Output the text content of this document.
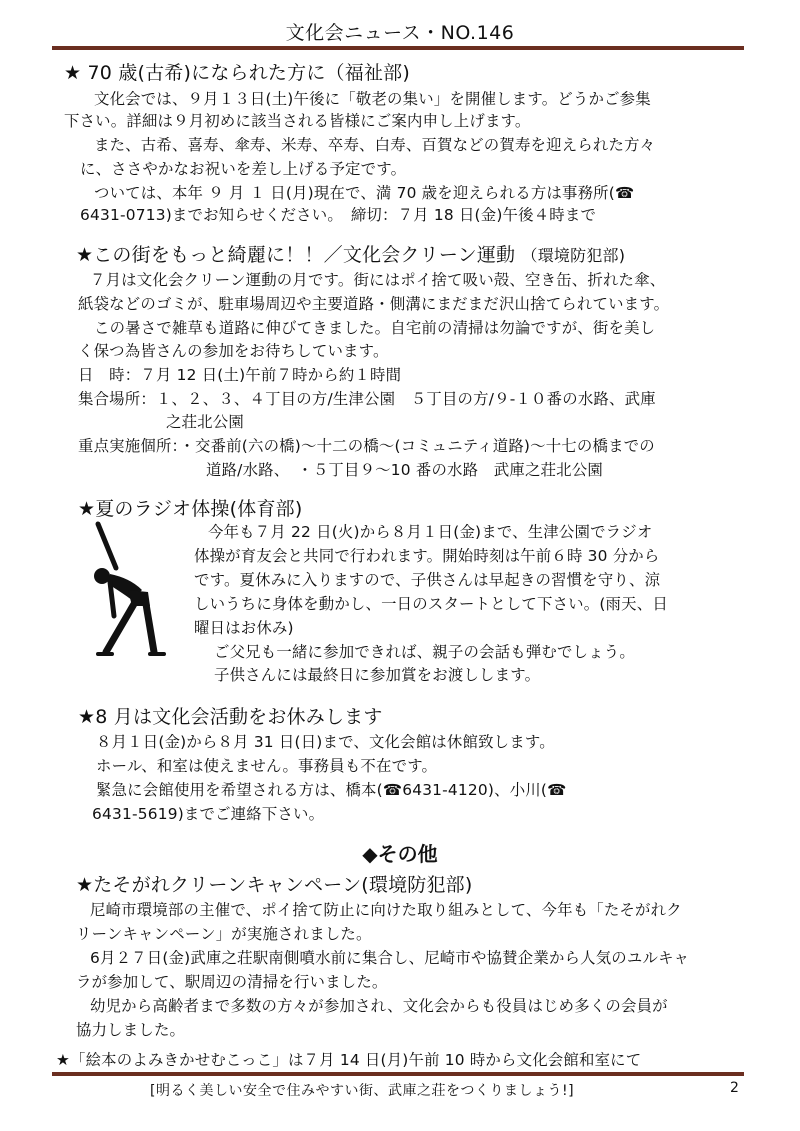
文化会ニュース・NO.146
★ 70 歳(古希)になられた方に（福祉部)
文化会では、９月１３日(土)午後に「敬老の集い」を開催します。どうかご参集
下さい。詳細は９月初めに該当される皆様にご案内申し上げます。
また、古希、喜寿、傘寿、米寿、卒寿、白寿、百賀などの賀寿を迎えられた方々
に、ささやかなお祝いを差し上げる予定です。
ついては、本年 ９ 月 １ 日(月)現在で、満 70 歳を迎えられる方は事務所(☎
6431-0713)までお知らせください。　締切：７月 18 日(金)午後４時まで
★この街をもっと綺麗に！！／文化会クリーン運動 （環境防犯部)
７月は文化会クリーン運動の月です。街にはポイ捨て吸い殻、空き缶、折れた傘、
紙袋などのゴミが、駐車場周辺や主要道路・側溝にまだまだ沢山捨てられています。
この暑さで雑草も道路に伸びてきました。自宅前の清掃は勿論ですが、街を美し
く保つ為皆さんの参加をお待ちしています。
日　時：７月 12 日(土)午前７時から約１時間
集合場所：１、２、３、４丁目の方/生津公園　５丁目の方/９-１０番の水路、武庫
之荘北公園
重点実施個所：・交番前(六の橋)～十二の橋～(コミュニティ道路)～十七の橋までの
道路/水路、　・５丁目９～10 番の水路　武庫之荘北公園
★夏のラジオ体操(体育部)
今年も７月 22 日(火)から８月１日(金)まで、生津公園でラジオ
体操が育友会と共同で行われます。開始時刻は午前６時 30 分から
です。夏休みに入りますので、子供さんは早起きの習慣を守り、涼
しいうちに身体を動かし、一日のスタートとして下さい。(雨天、日
曜日はお休み)
ご父兄も一緒に参加できれば、親子の会話も弾むでしょう。
子供さんには最終日に参加賞をお渡しします。
★8 月は文化会活動をお休みします
８月１日(金)から８月 31 日(日)まで、文化会館は休館致します。
ホール、和室は使えません。事務員も不在です。
緊急に会館使用を希望される方は、橋本(☎6431-4120)、小川(☎
6431-5619)までご連絡下さい。
◆その他
★たそがれクリーンキャンペーン(環境防犯部)
尼崎市環境部の主催で、ポイ捨て防止に向けた取り組みとして、今年も「たそがれク
リーンキャンペーン」が実施されました。
6月２７日(金)武庫之荘駅南側噴水前に集合し、尼崎市や協賛企業から人気のユルキャ
ラが参加して、駅周辺の清掃を行いました。
幼児から高齢者まで多数の方々が参加され、文化会からも役員はじめ多くの会員が
協力しました。
★「絵本のよみきかせむこっこ」は７月 14 日(月)午前 10 時から文化会館和室にて
[明るく美しい安全で住みやすい街、武庫之荘をつくりましょう!]	2
